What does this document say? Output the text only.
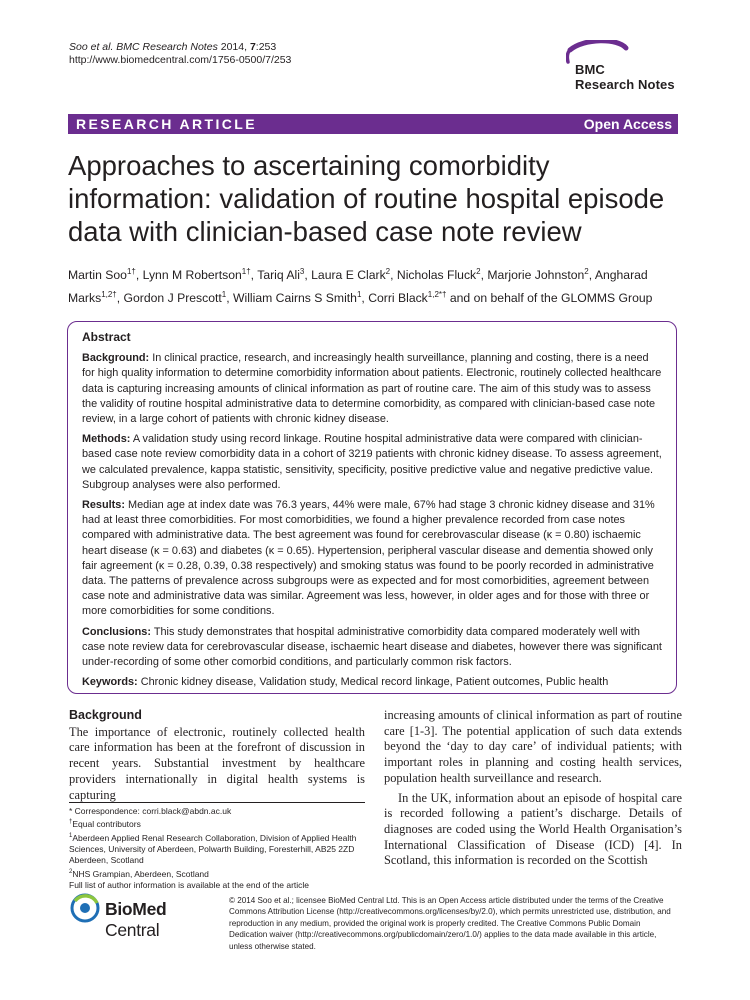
Soo et al. BMC Research Notes 2014, 7:253
http://www.biomedcentral.com/1756-0500/7/253
BMC
Research Notes
RESEARCH ARTICLE	Open Access
Approaches to ascertaining comorbidity information: validation of routine hospital episode data with clinician-based case note review
Martin Soo$^{1\dagger}$, Lynn M Robertson$^{1\dagger}$, Tariq Ali$^3$, Laura E Clark$^2$, Nicholas Fluck$^2$, Marjorie Johnston$^2$, Angharad Marks$^{1,2\dagger}$, Gordon J Prescott$^1$, William Cairns S Smith$^1$, Corri Black$^{1,2*\dagger}$ and on behalf of the GLOMMS Group
Abstract

Background: In clinical practice, research, and increasingly health surveillance, planning and costing, there is a need for high quality information to determine comorbidity information about patients. Electronic, routinely collected healthcare data is capturing increasing amounts of clinical information as part of routine care. The aim of this study was to assess the validity of routine hospital administrative data to determine comorbidity, as compared with clinician-based case note review, in a large cohort of patients with chronic kidney disease.

Methods: A validation study using record linkage. Routine hospital administrative data were compared with clinician-based case note review comorbidity data in a cohort of 3219 patients with chronic kidney disease. To assess agreement, we calculated prevalence, kappa statistic, sensitivity, specificity, positive predictive value and negative predictive value. Subgroup analyses were also performed.

Results: Median age at index date was 76.3 years, 44% were male, 67% had stage 3 chronic kidney disease and 31% had at least three comorbidities. For most comorbidities, we found a higher prevalence recorded from case notes compared with administrative data. The best agreement was found for cerebrovascular disease (κ = 0.80) ischaemic heart disease (κ = 0.63) and diabetes (κ = 0.65). Hypertension, peripheral vascular disease and dementia showed only fair agreement (κ = 0.28, 0.39, 0.38 respectively) and smoking status was found to be poorly recorded in administrative data. The patterns of prevalence across subgroups were as expected and for most comorbidities, agreement between case note and administrative data was similar. Agreement was less, however, in older ages and for those with three or more comorbidities for some conditions.

Conclusions: This study demonstrates that hospital administrative comorbidity data compared moderately well with case note review data for cerebrovascular disease, ischaemic heart disease and diabetes, however there was significant under-recording of some other comorbid conditions, and particularly common risk factors.

Keywords: Chronic kidney disease, Validation study, Medical record linkage, Patient outcomes, Public health

Background

The importance of electronic, routinely collected health care information has been at the forefront of discussion in recent years. Substantial investment by healthcare providers internationally in digital health systems is capturing

increasing amounts of clinical information as part of routine care [1-3]. The potential application of such data extends beyond the ‘day to day care’ of individual patients; with important roles in planning and costing health services, population health surveillance and research.

In the UK, information about an episode of hospital care is recorded following a patient’s discharge. Details of diagnoses are coded using the World Health Organisation’s International Classification of Disease (ICD) [4]. In Scotland, this information is recorded on the Scottish

* Correspondence: corri.black@abdn.ac.uk
†Equal contributors
$^1$Aberdeen Applied Renal Research Collaboration, Division of Applied Health Sciences, University of Aberdeen, Polwarth Building, Foresterhill, AB25 2ZD Aberdeen, Scotland
$^2$NHS Grampian, Aberdeen, Scotland
Full list of author information is available at the end of the article
BioMed Central
© 2014 Soo et al.; licensee BioMed Central Ltd. This is an Open Access article distributed under the terms of the Creative Commons Attribution License (http://creativecommons.org/licenses/by/2.0), which permits unrestricted use, distribution, and reproduction in any medium, provided the original work is properly credited. The Creative Commons Public Domain Dedication waiver (http://creativecommons.org/publicdomain/zero/1.0/) applies to the data made available in this article, unless otherwise stated.
